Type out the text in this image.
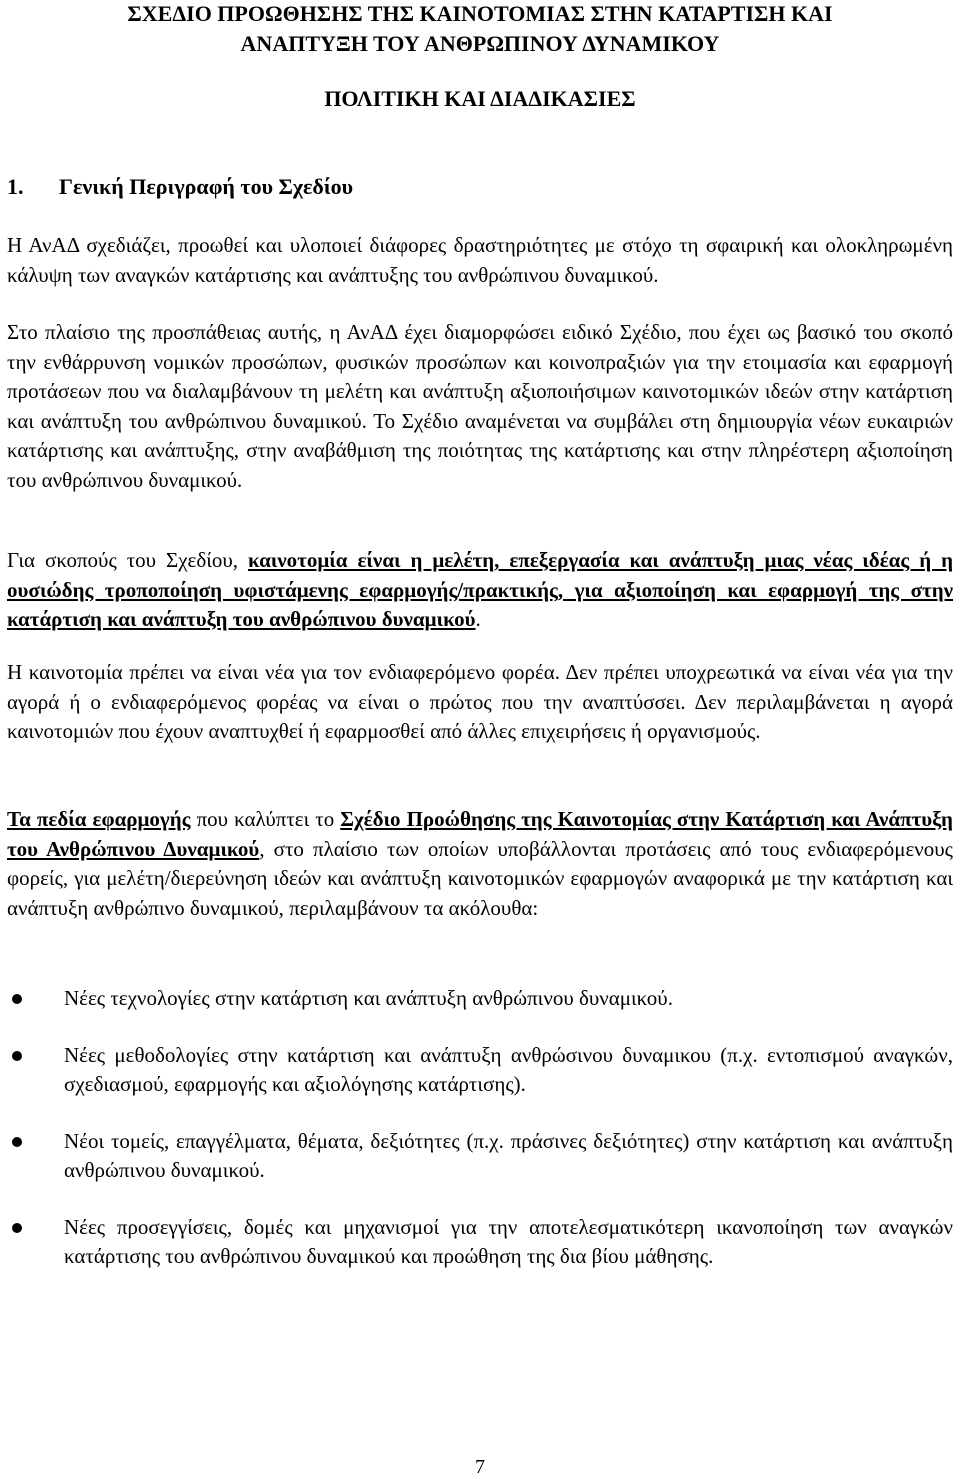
ΣΧΕΔΙΟ ΠΡΟΩΘΗΣΗΣ ΤΗΣ ΚΑΙΝΟΤΟΜΙΑΣ ΣΤΗΝ ΚΑΤΑΡΤΙΣΗ ΚΑΙ
ΑΝΑΠΤΥΞΗ ΤΟΥ ΑΝΘΡΩΠΙΝΟΥ ΔΥΝΑΜΙΚΟΥ
ΠΟΛΙΤΙΚΗ ΚΑΙ ΔΙΑΔΙΚΑΣΙΕΣ
1. Γενική Περιγραφή του Σχεδίου

Η ΑνΑΔ σχεδιάζει, προωθεί και υλοποιεί διάφορες δραστηριότητες με στόχο τη σφαιρική και ολοκληρωμένη κάλυψη των αναγκών κατάρτισης και ανάπτυξης του ανθρώπινου δυναμικού.

Στο πλαίσιο της προσπάθειας αυτής, η ΑνΑΔ έχει διαμορφώσει ειδικό Σχέδιο, που έχει ως βασικό του σκοπό την ενθάρρυνση νομικών προσώπων, φυσικών προσώπων και κοινοπραξιών για την ετοιμασία και εφαρμογή προτάσεων που να διαλαμβάνουν τη μελέτη και ανάπτυξη αξιοποιήσιμων καινοτομικών ιδεών στην κατάρτιση και ανάπτυξη του ανθρώπινου δυναμικού. Το Σχέδιο αναμένεται να συμβάλει στη δημιουργία νέων ευκαιριών κατάρτισης και ανάπτυξης, στην αναβάθμιση της ποιότητας της κατάρτισης και στην πληρέστερη αξιοποίηση του ανθρώπινου δυναμικού.

Για σκοπούς του Σχεδίου, καινοτομία είναι η μελέτη, επεξεργασία και ανάπτυξη μιας νέας ιδέας ή η ουσιώδης τροποποίηση υφιστάμενης εφαρμογής/πρακτικής, για αξιοποίηση και εφαρμογή της στην κατάρτιση και ανάπτυξη του ανθρώπινου δυναμικού.

Η καινοτομία πρέπει να είναι νέα για τον ενδιαφερόμενο φορέα. Δεν πρέπει υποχρεωτικά να είναι νέα για την αγορά ή ο ενδιαφερόμενος φορέας να είναι ο πρώτος που την αναπτύσσει. Δεν περιλαμβάνεται η αγορά καινοτομιών που έχουν αναπτυχθεί ή εφαρμοσθεί από άλλες επιχειρήσεις ή οργανισμούς.

Τα πεδία εφαρμογής που καλύπτει το Σχέδιο Προώθησης της Καινοτομίας στην Κατάρτιση και Ανάπτυξη του Ανθρώπινου Δυναμικού, στο πλαίσιο των οποίων υποβάλλονται προτάσεις από τους ενδιαφερόμενους φορείς, για μελέτη/διερεύνηση ιδεών και ανάπτυξη καινοτομικών εφαρμογών αναφορικά με την κατάρτιση και ανάπτυξη ανθρώπινο δυναμικού, περιλαμβάνουν τα ακόλουθα:

Νέες τεχνολογίες στην κατάρτιση και ανάπτυξη ανθρώπινου δυναμικού.
Νέες μεθοδολογίες στην κατάρτιση και ανάπτυξη ανθρώσινου δυναμικου (π.χ. εντοπισμού αναγκών, σχεδιασμού, εφαρμογής και αξιολόγησης κατάρτισης).
Νέοι τομείς, επαγγέλματα, θέματα, δεξιότητες (π.χ. πράσινες δεξιότητες) στην κατάρτιση και ανάπτυξη ανθρώπινου δυναμικού.
Νέες προσεγγίσεις, δομές και μηχανισμοί για την αποτελεσματικότερη ικανοποίηση των αναγκών κατάρτισης του ανθρώπινου δυναμικού και προώθηση της δια βίου μάθησης.
7
